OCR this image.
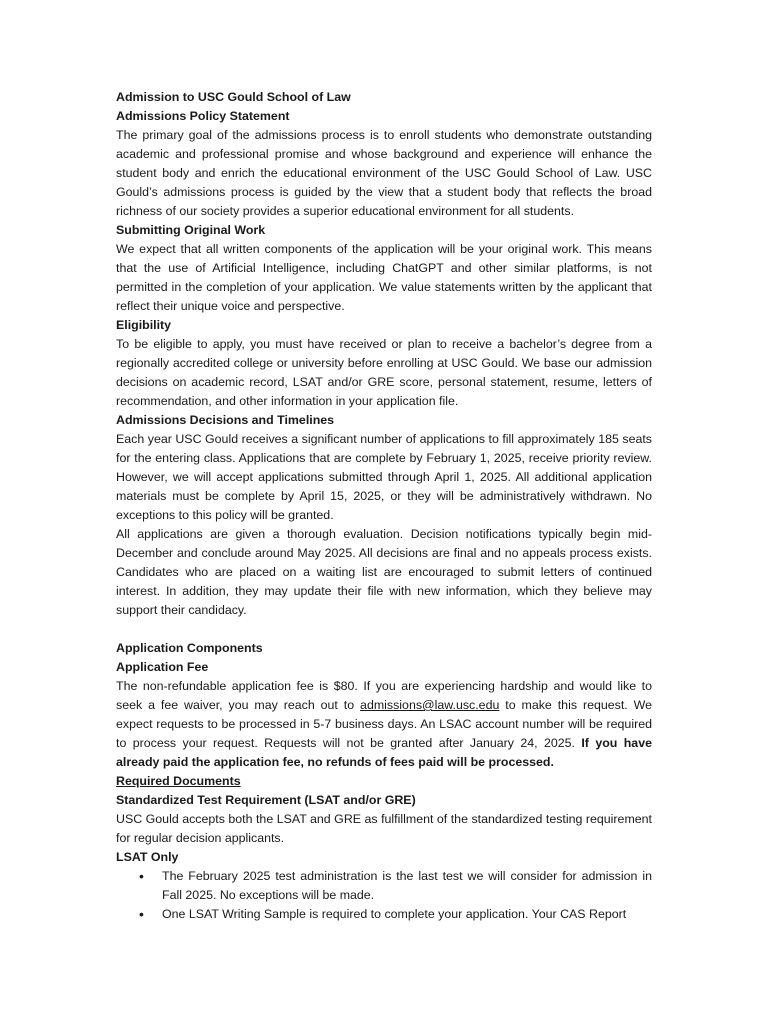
Admission to USC Gould School of Law

Admissions Policy Statement

The primary goal of the admissions process is to enroll students who demonstrate outstanding academic and professional promise and whose background and experience will enhance the student body and enrich the educational environment of the USC Gould School of Law. USC Gould’s admissions process is guided by the view that a student body that reflects the broad richness of our society provides a superior educational environment for all students.

Submitting Original Work

We expect that all written components of the application will be your original work. This means that the use of Artificial Intelligence, including ChatGPT and other similar platforms, is not permitted in the completion of your application. We value statements written by the applicant that reflect their unique voice and perspective.

Eligibility

To be eligible to apply, you must have received or plan to receive a bachelor’s degree from a regionally accredited college or university before enrolling at USC Gould. We base our admission decisions on academic record, LSAT and/or GRE score, personal statement, resume, letters of recommendation, and other information in your application file.

Admissions Decisions and Timelines

Each year USC Gould receives a significant number of applications to fill approximately 185 seats for the entering class. Applications that are complete by February 1, 2025, receive priority review. However, we will accept applications submitted through April 1, 2025. All additional application materials must be complete by April 15, 2025, or they will be administratively withdrawn. No exceptions to this policy will be granted.

All applications are given a thorough evaluation. Decision notifications typically begin mid-December and conclude around May 2025. All decisions are final and no appeals process exists. Candidates who are placed on a waiting list are encouraged to submit letters of continued interest. In addition, they may update their file with new information, which they believe may support their candidacy.

Application Components

Application Fee

The non-refundable application fee is $80. If you are experiencing hardship and would like to seek a fee waiver, you may reach out to admissions@law.usc.edu to make this request. We expect requests to be processed in 5-7 business days. An LSAC account number will be required to process your request. Requests will not be granted after January 24, 2025. If you have already paid the application fee, no refunds of fees paid will be processed.

Required Documents

Standardized Test Requirement (LSAT and/or GRE)

USC Gould accepts both the LSAT and GRE as fulfillment of the standardized testing requirement for regular decision applicants.

LSAT Only

• The February 2025 test administration is the last test we will consider for admission in Fall 2025. No exceptions will be made.
• One LSAT Writing Sample is required to complete your application. Your CAS Report
